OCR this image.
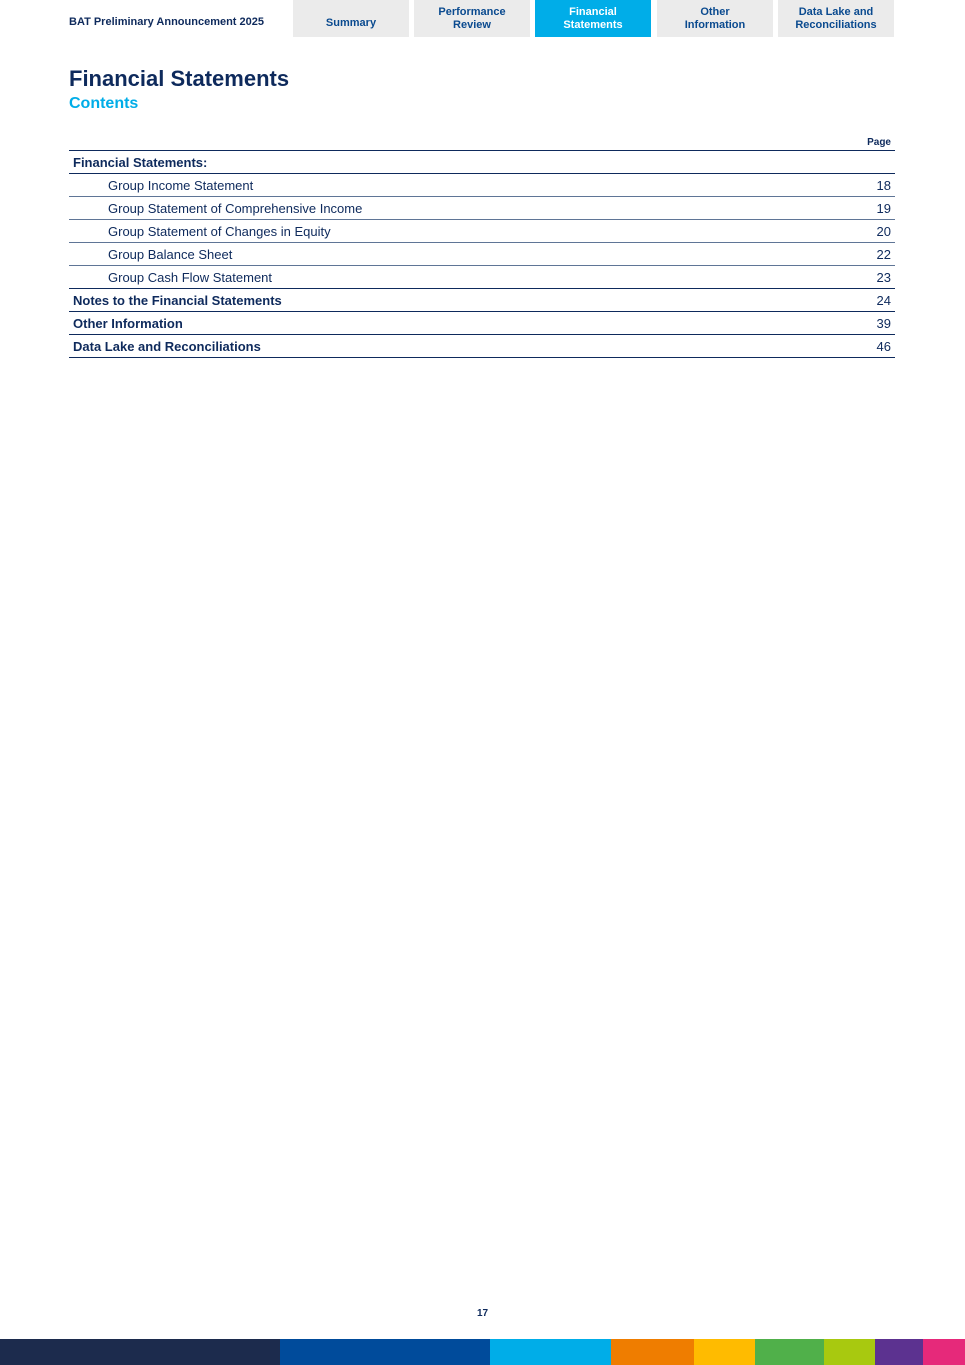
BAT Preliminary Announcement 2025	Summary
Performance
Review
Financial
Statements
Other
Information
Data Lake and
Reconciliations
Financial Statements
Contents
Page
Financial Statements:
Group Income Statement	18
Group Statement of Comprehensive Income	19
Group Statement of Changes in Equity	20
Group Balance Sheet	22
Group Cash Flow Statement	23
Notes to the Financial Statements	24
Other Information	39
Data Lake and Reconciliations	46
17
